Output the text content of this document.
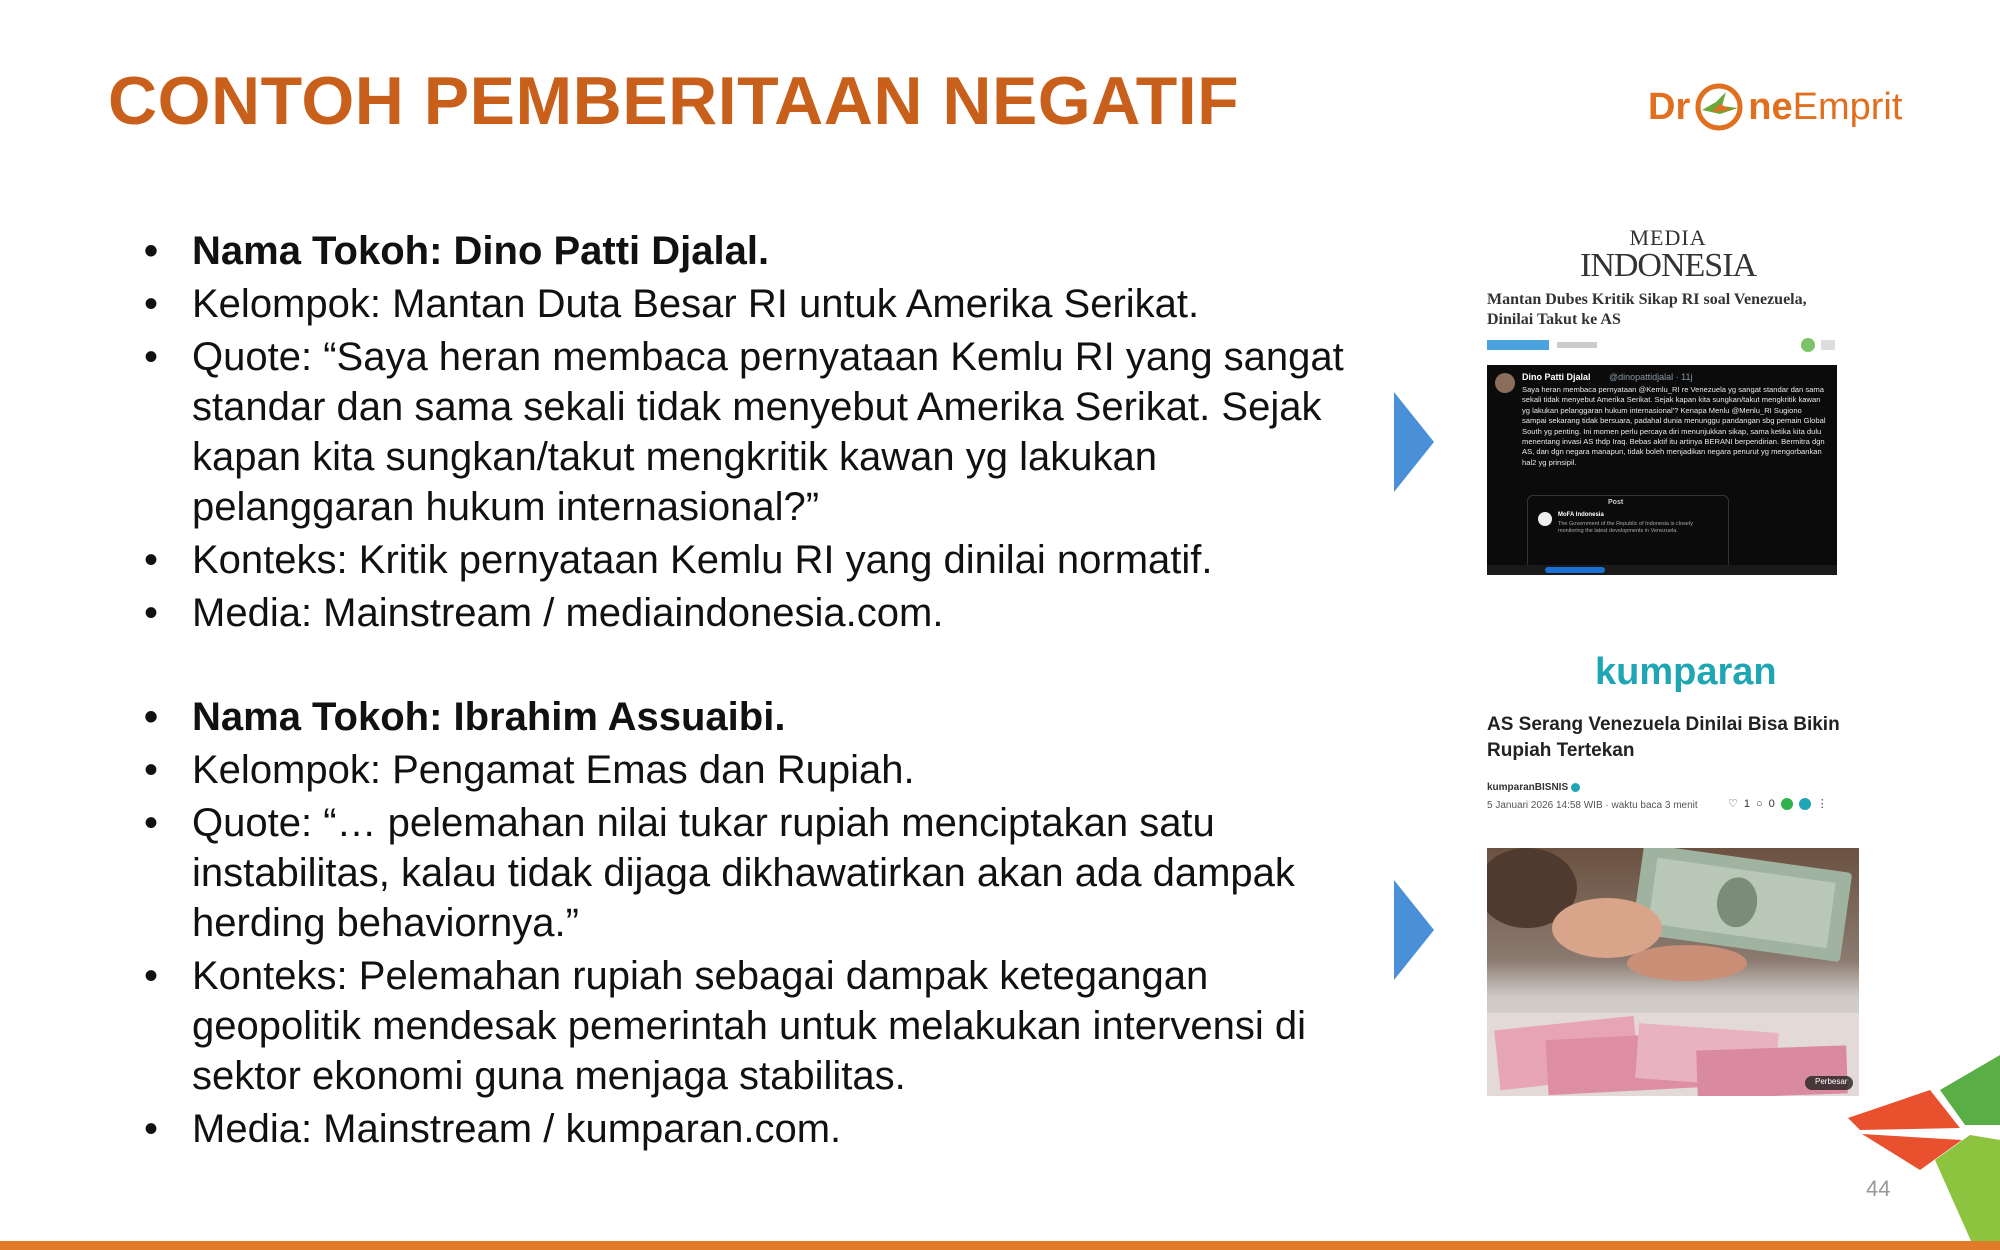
CONTOH PEMBERITAAN NEGATIF	Dr ne Emprit
• Nama Tokoh: Dino Patti Djalal.
• Kelompok: Mantan Duta Besar RI untuk Amerika Serikat.
• Quote: “Saya heran membaca pernyataan Kemlu RI yang sangat standar dan sama sekali tidak menyebut Amerika Serikat. Sejak kapan kita sungkan/takut mengkritik kawan yg lakukan pelanggaran hukum internasional?”
• Konteks: Kritik pernyataan Kemlu RI yang dinilai normatif.
• Media: Mainstream / mediaindonesia.com.
• Nama Tokoh: Ibrahim Assuaibi.
• Kelompok: Pengamat Emas dan Rupiah.
• Quote: “… pelemahan nilai tukar rupiah menciptakan satu instabilitas, kalau tidak dijaga dikhawatirkan akan ada dampak herding behaviornya.”
• Konteks: Pelemahan rupiah sebagai dampak ketegangan geopolitik mendesak pemerintah untuk melakukan intervensi di sektor ekonomi guna menjaga stabilitas.
• Media: Mainstream / kumparan.com.
MEDIA
INDONESIA
Mantan Dubes Kritik Sikap RI soal Venezuela, Dinilai Takut ke AS
Dino Patti Djalal @dinopattidjalal · 11j
Saya heran membaca pernyataan @Kemlu_RI re Venezuela yg sangat standar dan sama sekali tidak menyebut Amerika Serikat. Sejak kapan kita sungkan/takut mengkritik kawan yg lakukan pelanggaran hukum internasional'? Kenapa Menlu @Menlu_RI Sugiono sampai sekarang tidak bersuara, padahal dunia menunggu pandangan sbg pemain Global South yg penting. Ini momen perlu percaya diri menunjukkan sikap, sama ketika kita dulu menentang invasi AS thdp Iraq. Bebas aktif itu artinya BERANI berpendirian. Bermitra dgn AS, dan dgn negara manapun, tidak boleh menjadikan negara penurut yg mengorbankan hal2 yg prinsipil.
Post
MoFA Indonesia
The Government of the Republic of Indonesia is closely monitoring the latest developments in Venezuela.
kumparan
AS Serang Venezuela Dinilai Bisa Bikin Rupiah Tertekan
kumparanBISNIS
5 Januari 2026 14:58 WIB · waktu baca 3 menit	♡ 1 ○ 0	⋮
Perbesar
44
